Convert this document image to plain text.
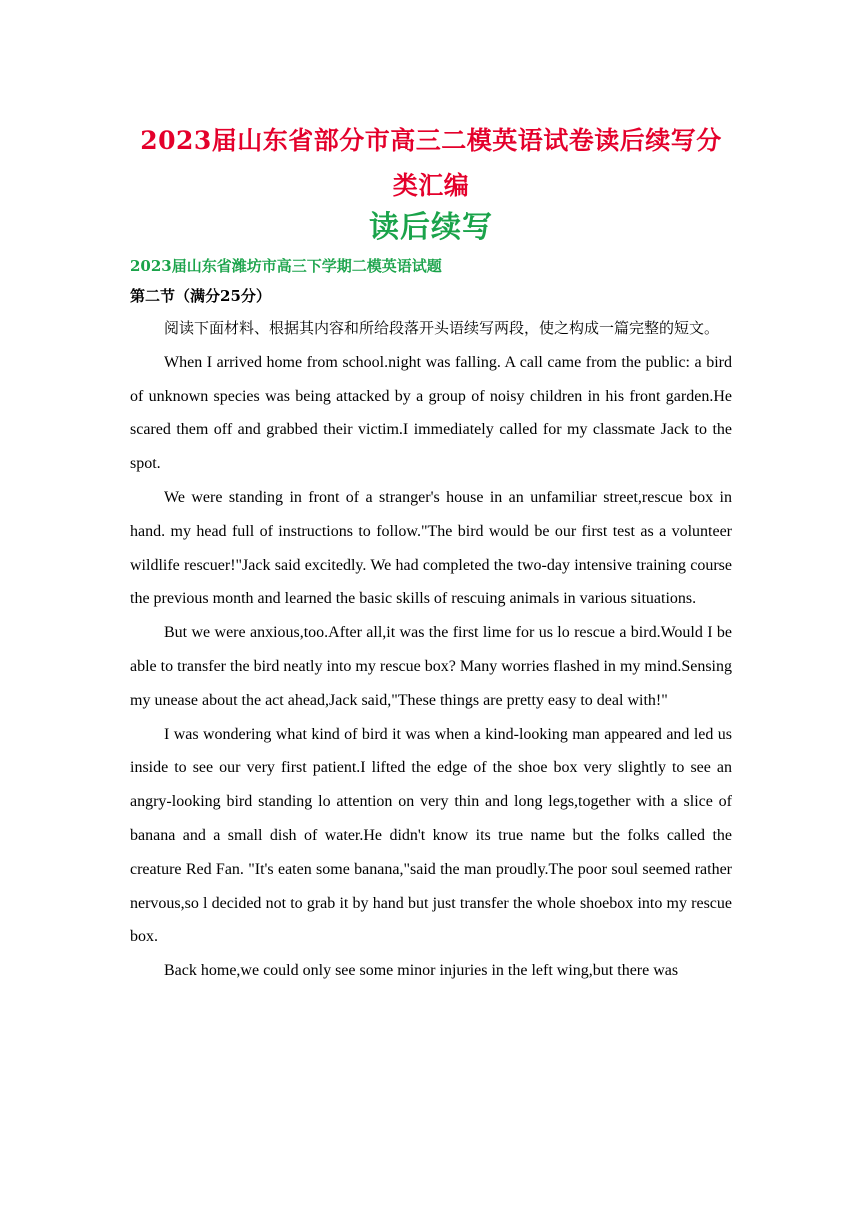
2023届山东省部分市高三二模英语试卷读后续写分
类汇编
读后续写

2023届山东省潍坊市高三下学期二模英语试题

第二节（满分25分）

阅读下面材料、根据其内容和所给段落开头语续写两段，使之构成一篇完整的短文。

When I arrived home from school.night was falling. A call came from the public: a bird of unknown species was being attacked by a group of noisy children in his front garden.He scared them off and grabbed their victim.I immediately called for my classmate Jack to the spot.

We were standing in front of a stranger's house in an unfamiliar street,rescue box in hand. my head full of instructions to follow."The bird would be our first test as a volunteer wildlife rescuer!"Jack said excitedly. We had completed the two-day intensive training course the previous month and learned the basic skills of rescuing animals in various situations.

But we were anxious,too.After all,it was the first lime for us lo rescue a bird.Would I be able to transfer the bird neatly into my rescue box? Many worries flashed in my mind.Sensing my unease about the act ahead,Jack said,"These things are pretty easy to deal with!"

I was wondering what kind of bird it was when a kind-looking man appeared and led us inside to see our very first patient.I lifted the edge of the shoe box very slightly to see an angry-looking bird standing lo attention on very thin and long legs,together with a slice of banana and a small dish of water.He didn't know its true name but the folks called the creature Red Fan. "It's eaten some banana,"said the man proudly.The poor soul seemed rather nervous,so l decided not to grab it by hand but just transfer the whole shoebox into my rescue box.

Back home,we could only see some minor injuries in the left wing,but there was
